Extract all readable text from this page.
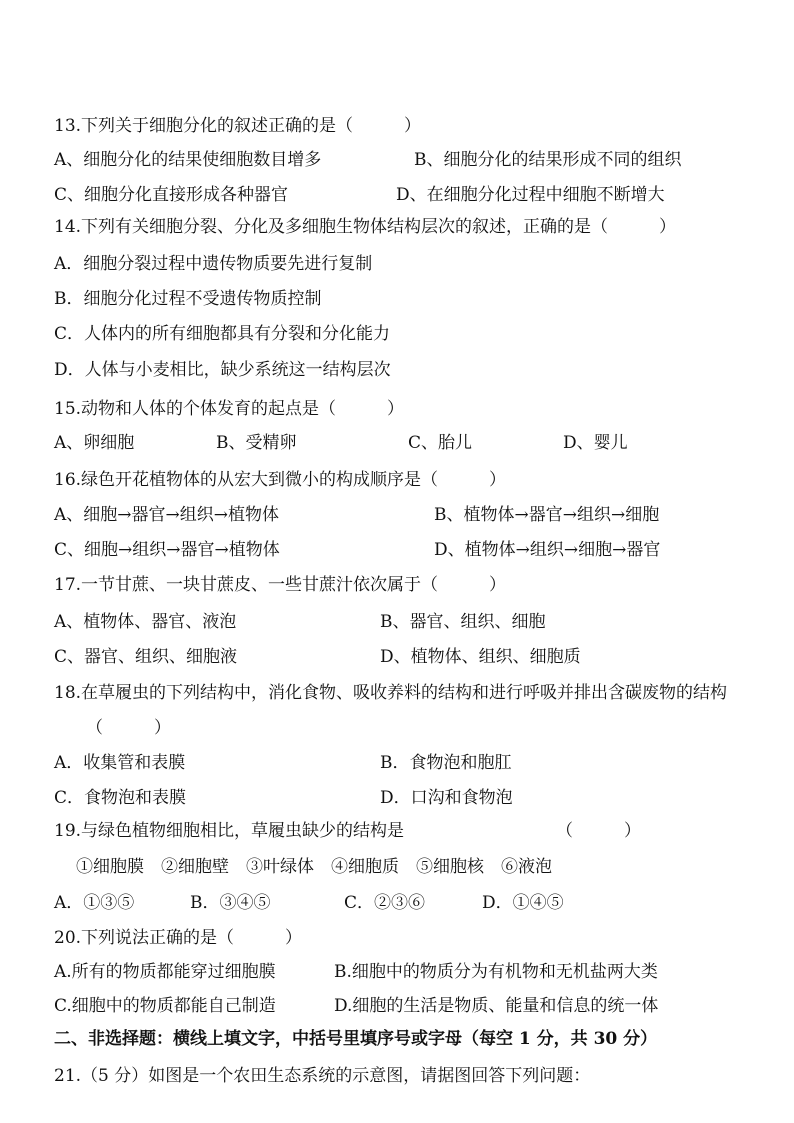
13.下列关于细胞分化的叙述正确的是（　　　）
A、细胞分化的结果使细胞数目增多	B、细胞分化的结果形成不同的组织
C、细胞分化直接形成各种器官	D、在细胞分化过程中细胞不断增大
14.下列有关细胞分裂、分化及多细胞生物体结构层次的叙述，正确的是（　　　）
A．细胞分裂过程中遗传物质要先进行复制
B．细胞分化过程不受遗传物质控制
C．人体内的所有细胞都具有分裂和分化能力
D．人体与小麦相比，缺少系统这一结构层次
15.动物和人体的个体发育的起点是（　　　）
A、卵细胞	B、受精卵	C、胎儿	D、婴儿
16.绿色开花植物体的从宏大到微小的构成顺序是（　　　）
A、细胞→器官→组织→植物体	B、植物体→器官→组织→细胞
C、细胞→组织→器官→植物体	D、植物体→组织→细胞→器官
17.一节甘蔗、一块甘蔗皮、一些甘蔗汁依次属于（　　　）
A、植物体、器官、液泡	B、器官、组织、细胞
C、器官、组织、细胞液	D、植物体、组织、细胞质
18.在草履虫的下列结构中，消化食物、吸收养料的结构和进行呼吸并排出含碳废物的结构
（　　　）
A．收集管和表膜	B．食物泡和胞肛
C．食物泡和表膜	D．口沟和食物泡
19.与绿色植物细胞相比，草履虫缺少的结构是	（　　　）
①细胞膜　②细胞壁　③叶绿体　④细胞质　⑤细胞核　⑥液泡
A．①③⑤	B．③④⑤	C．②③⑥	D．①④⑤
20.下列说法正确的是（　　　）
A.所有的物质都能穿过细胞膜	B.细胞中的物质分为有机物和无机盐两大类
C.细胞中的物质都能自己制造	D.细胞的生活是物质、能量和信息的统一体
二、非选择题：横线上填文字，中括号里填序号或字母（每空 1 分，共 30 分）
21.（5 分）如图是一个农田生态系统的示意图，请据图回答下列问题：
